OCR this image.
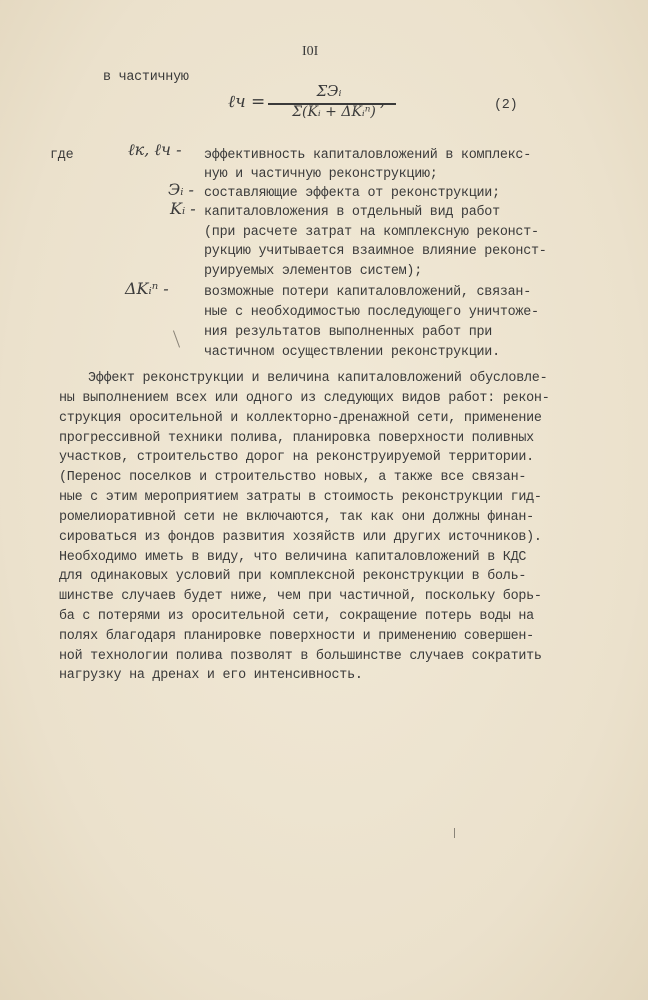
I0I
в частичную
ℓч =
ΣЭᵢ
Σ(Kᵢ + ΔKᵢⁿ)
,	(2)
где	ℓк, ℓч -
Эᵢ -
Kᵢ -
ΔKᵢⁿ -
эффективность капиталовложений в комплекс-
ную и частичную реконструкцию;
составляющие эффекта от реконструкции;
капиталовложения в отдельный вид работ
(при расчете затрат на комплексную реконст-
рукцию учитывается взаимное влияние реконст-
руируемых элементов систем);
возможные потери капиталовложений, связан-
ные с необходимостью последующего уничтоже-
ния результатов выполненных работ при
частичном осуществлении реконструкции.
Эффект реконструкции и величина капиталовложений обусловле-
ны выполнением всех или одного из следующих видов работ: рекон-
струкция оросительной и коллекторно-дренажной сети, применение
прогрессивной техники полива, планировка поверхности поливных
участков, строительство дорог на реконструируемой территории.
(Перенос поселков и строительство новых, а также все связан-
ные с этим мероприятием затраты в стоимость реконструкции гид-
ромелиоративной сети не включаются, так как они должны финан-
сироваться из фондов развития хозяйств или других источников).
Необходимо иметь в виду, что величина капиталовложений в КДС
для одинаковых условий при комплексной реконструкции в боль-
шинстве случаев будет ниже, чем при частичной, поскольку борь-
ба с потерями из оросительной сети, сокращение потерь воды на
полях благодаря планировке поверхности и применению совершен-
ной технологии полива позволят в большинстве случаев сократить
нагрузку на дренах и его интенсивность.
